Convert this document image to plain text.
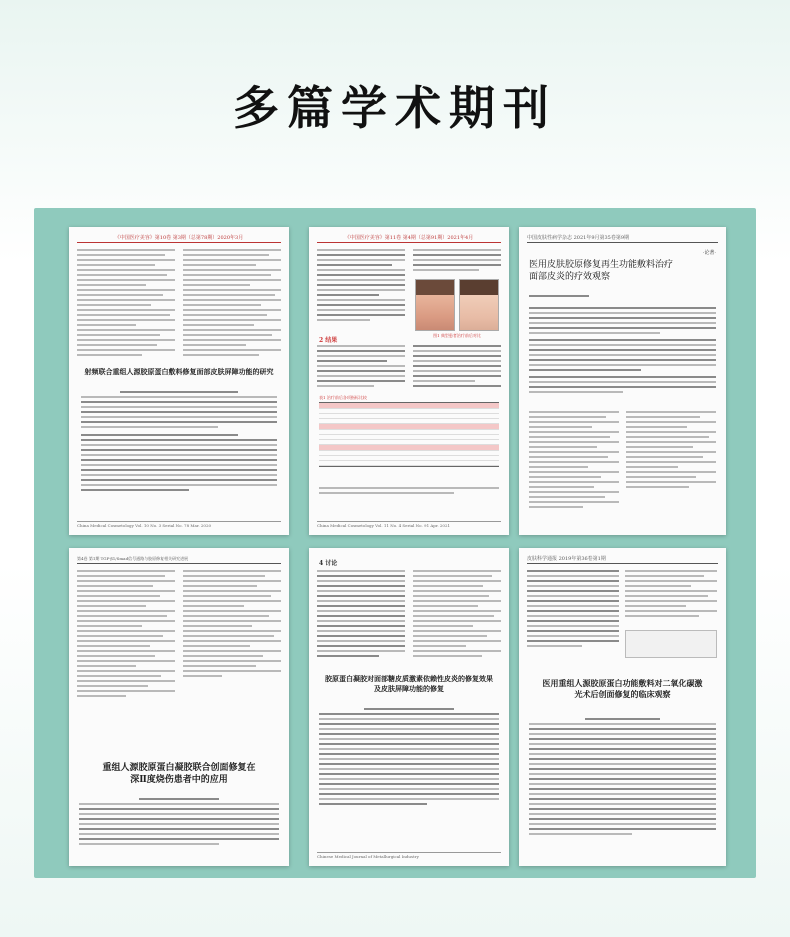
多篇学术期刊
《中国医疗美容》第10卷 第3期（总第78期）2020年3月
射频联合重组人源胶原蛋白敷料修复面部皮肤屏障功能的研究
China Medical Cosmetology Vol. 10 No. 3 Serial No. 78 Mar. 2020
《中国医疗美容》第11卷 第4期（总第91期）2021年4月
图1 典型患者治疗前后对比
2 结果
表1 治疗前后各项指标比较
China Medical Cosmetology Vol. 11 No. 4 Serial No. 91 Apr. 2021
中国皮肤性病学杂志 2021年9月第35卷第9期
·论著·
医用皮肤胶原修复再生功能敷料治疗面部皮炎的疗效观察
第4卷 第1期 TGF-β1/Smad信号通路与胶原修复相关研究进展
重组人源胶原蛋白凝胶联合创面修复在深Ⅱ度烧伤患者中的应用
4 讨论
胶原蛋白凝胶对面部糖皮质激素依赖性皮炎的修复效果及皮肤屏障功能的修复
Chinese Medical Journal of Metallurgical Industry
皮肤科学通报 2019年第36卷第1期
医用重组人源胶原蛋白功能敷料对二氧化碳激光术后创面修复的临床观察
